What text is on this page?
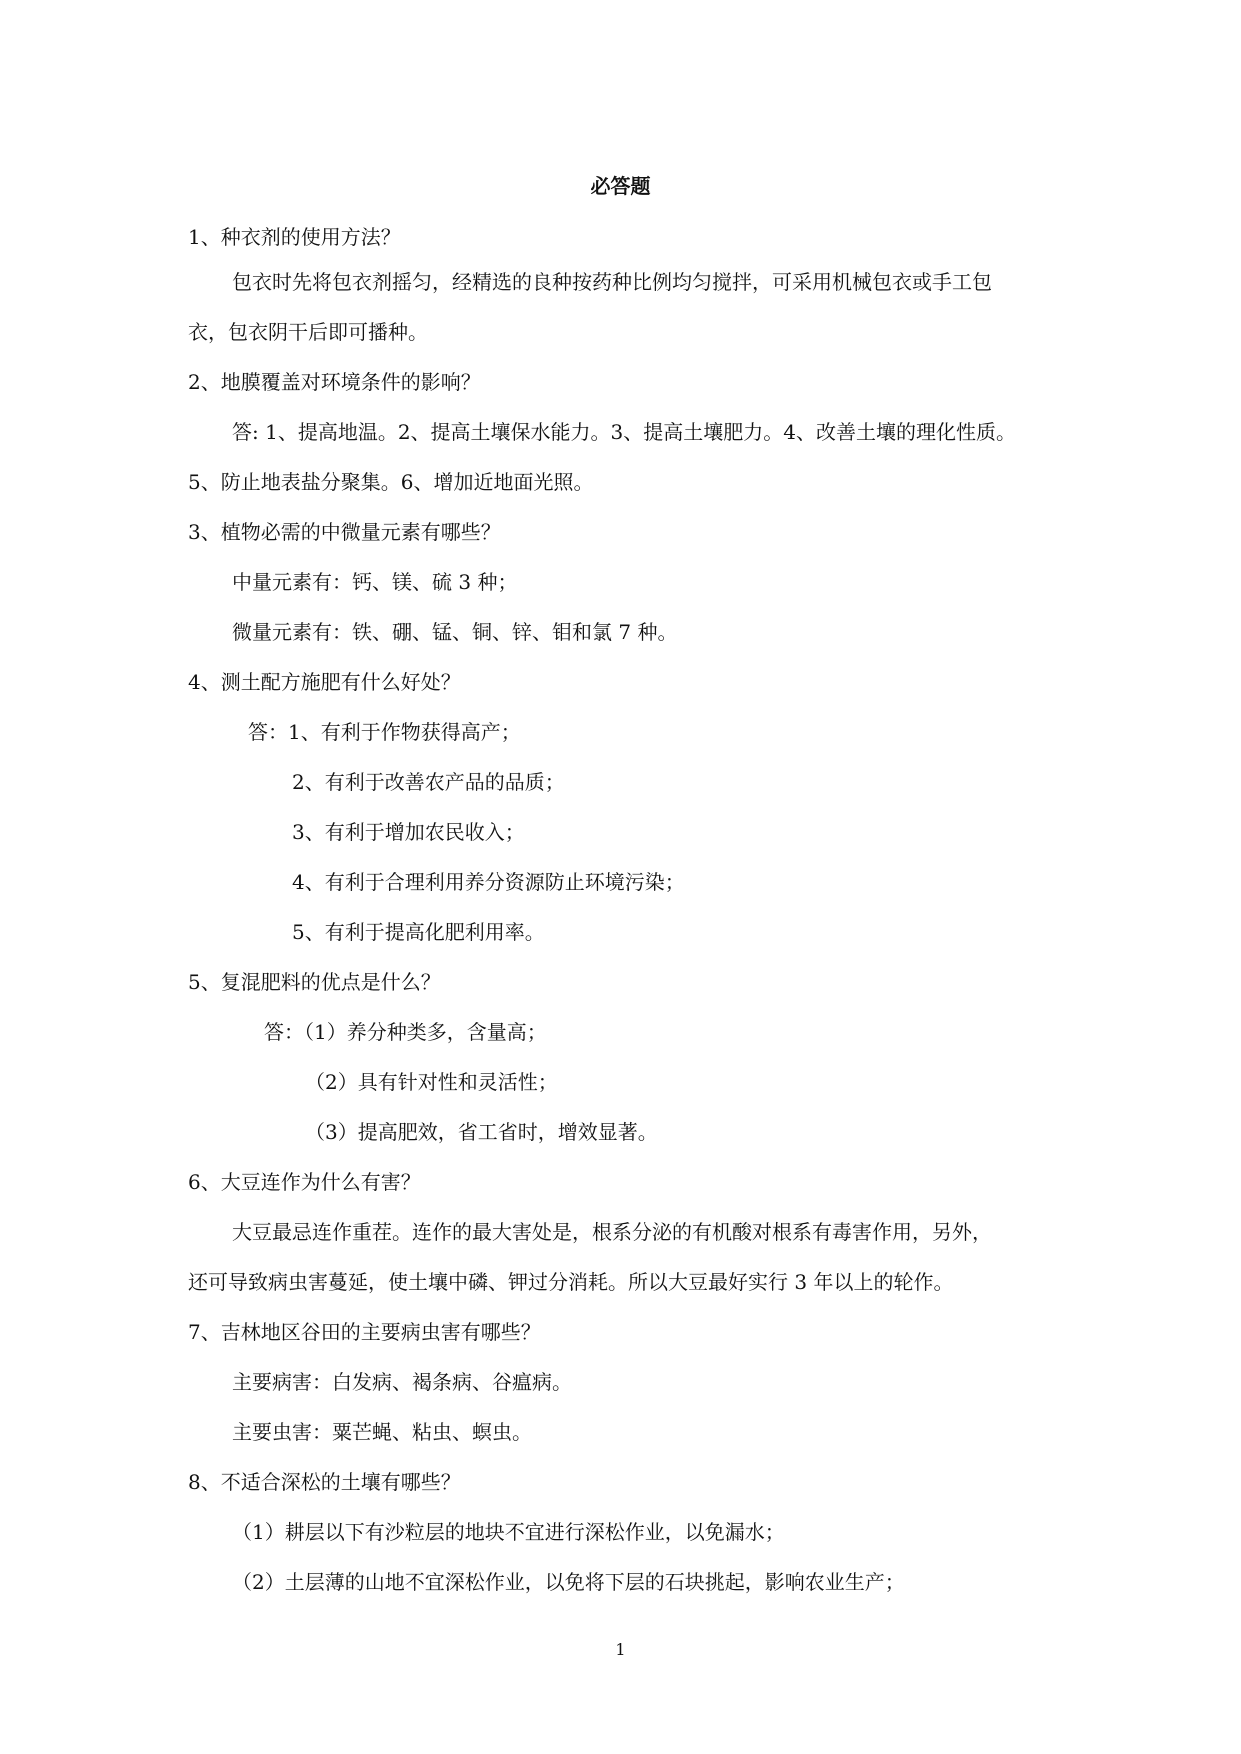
必答题
1、种衣剂的使用方法？
包衣时先将包衣剂摇匀，经精选的良种按药种比例均匀搅拌，可采用机械包衣或手工包
衣，包衣阴干后即可播种。
2、地膜覆盖对环境条件的影响？
答: 1、提高地温。2、提高土壤保水能力。3、提高土壤肥力。4、改善土壤的理化性质。
5、防止地表盐分聚集。6、增加近地面光照。
3、植物必需的中微量元素有哪些？
中量元素有：钙、镁、硫 3 种；
微量元素有：铁、硼、锰、铜、锌、钼和氯 7 种。
4、测土配方施肥有什么好处？
答：1、有利于作物获得高产；
2、有利于改善农产品的品质；
3、有利于增加农民收入；
4、有利于合理利用养分资源防止环境污染；
5、有利于提高化肥利用率。
5、复混肥料的优点是什么？
答：（1）养分种类多，含量高；
（2）具有针对性和灵活性；
（3）提高肥效，省工省时，增效显著。
6、大豆连作为什么有害？
大豆最忌连作重茬。连作的最大害处是，根系分泌的有机酸对根系有毒害作用，另外，
还可导致病虫害蔓延，使土壤中磷、钾过分消耗。所以大豆最好实行 3 年以上的轮作。
7、吉林地区谷田的主要病虫害有哪些？
主要病害：白发病、褐条病、谷瘟病。
主要虫害：粟芒蝇、粘虫、螟虫。
8、不适合深松的土壤有哪些？
（1）耕层以下有沙粒层的地块不宜进行深松作业，以免漏水；
（2）土层薄的山地不宜深松作业，以免将下层的石块挑起，影响农业生产；
1
